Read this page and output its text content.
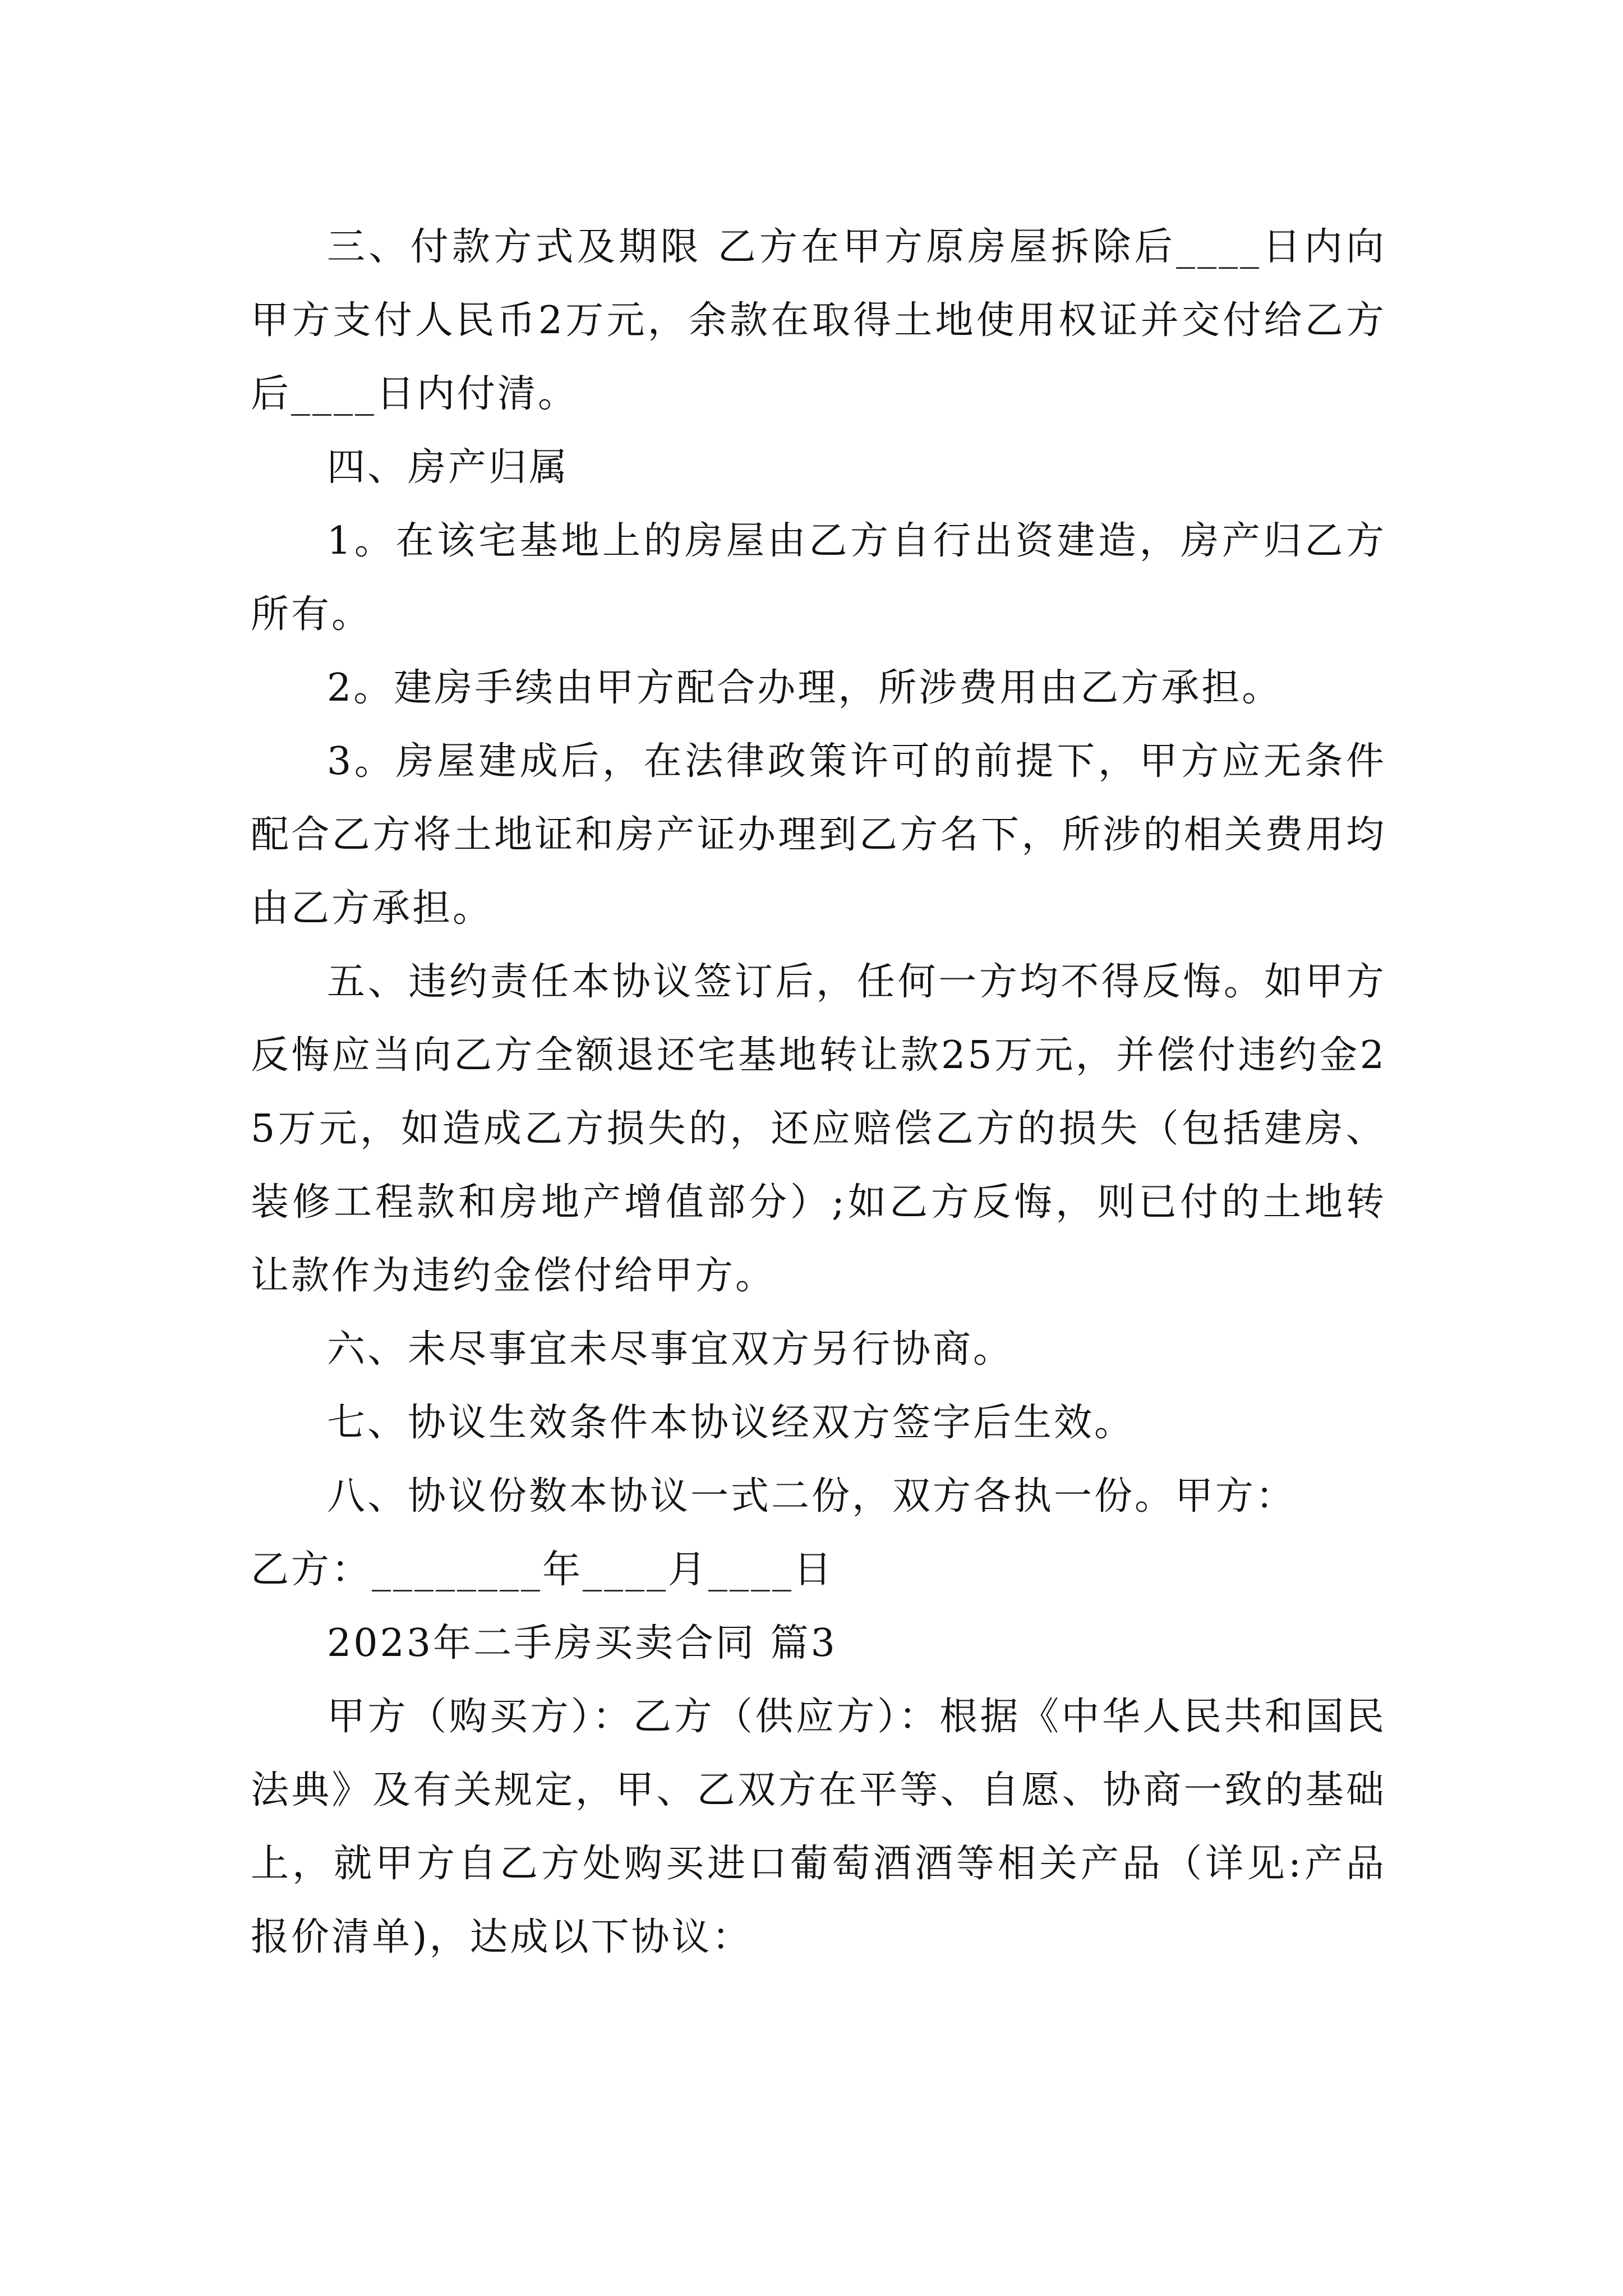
三、付款方式及期限 乙方在甲方原房屋拆除后____日内向甲方支付人民币2万元，余款在取得土地使用权证并交付给乙方后____日内付清。

四、房产归属

1。在该宅基地上的房屋由乙方自行出资建造，房产归乙方所有。

2。建房手续由甲方配合办理，所涉费用由乙方承担。

3。房屋建成后，在法律政策许可的前提下，甲方应无条件配合乙方将土地证和房产证办理到乙方名下，所涉的相关费用均由乙方承担。

五、违约责任本协议签订后，任何一方均不得反悔。如甲方反悔应当向乙方全额退还宅基地转让款25万元，并偿付违约金25万元，如造成乙方损失的，还应赔偿乙方的损失（包括建房、装修工程款和房地产增值部分）;如乙方反悔，则已付的土地转让款作为违约金偿付给甲方。

六、未尽事宜未尽事宜双方另行协商。

七、协议生效条件本协议经双方签字后生效。

八、协议份数本协议一式二份，双方各执一份。甲方：

乙方：________年____月____日

2023年二手房买卖合同 篇3

甲方（购买方）：乙方（供应方）：根据《中华人民共和国民法典》及有关规定，甲、乙双方在平等、自愿、协商一致的基础上，就甲方自乙方处购买进口葡萄酒酒等相关产品（详见:产品报价清单)，达成以下协议：
